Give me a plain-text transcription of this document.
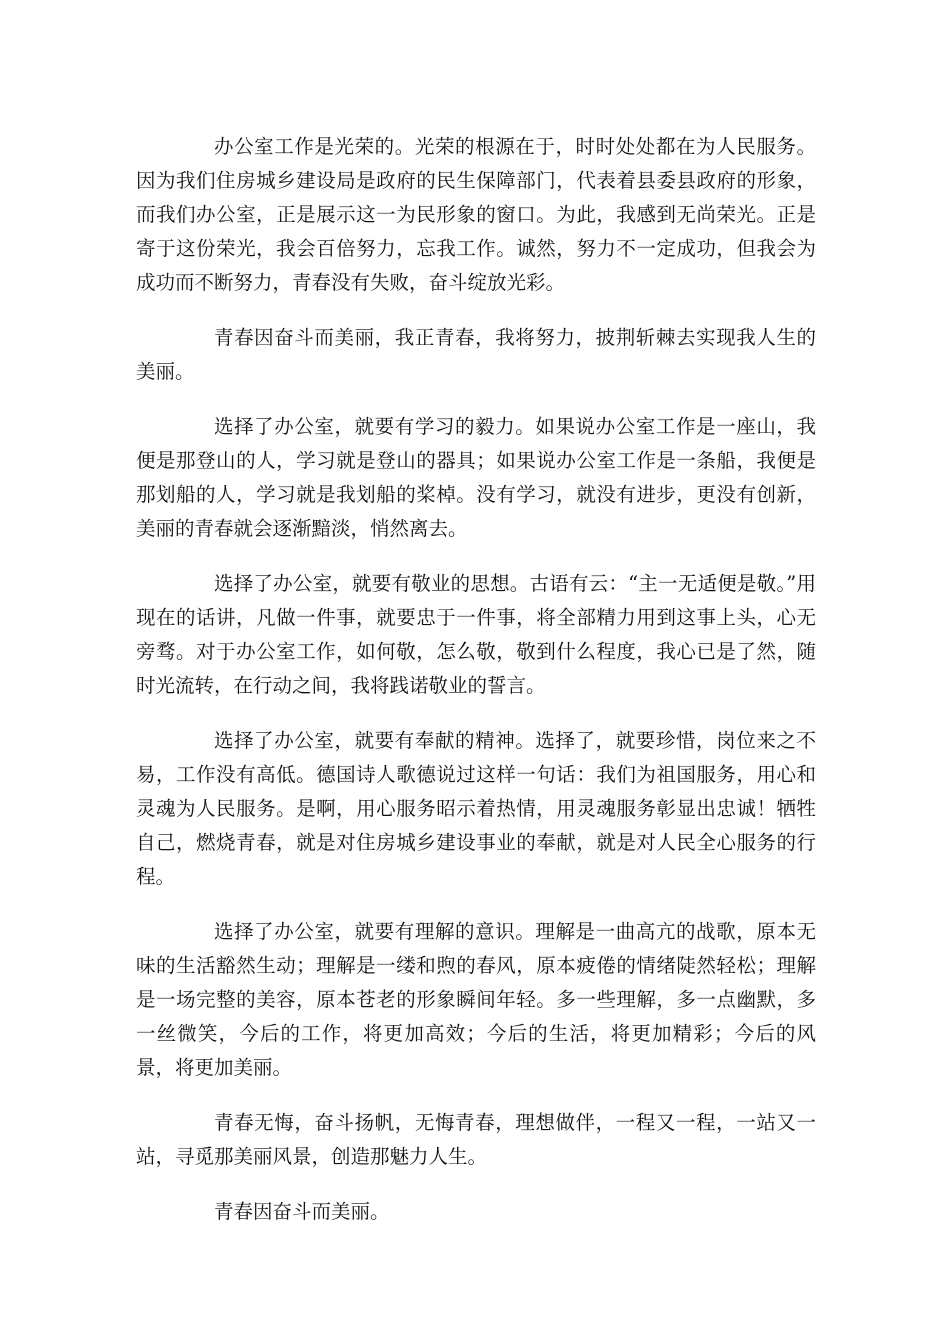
办公室工作是光荣的。光荣的根源在于，时时处处都在为人民服务。因为我们住房城乡建设局是政府的民生保障部门，代表着县委县政府的形象，而我们办公室，正是展示这一为民形象的窗口。为此，我感到无尚荣光。正是寄于这份荣光，我会百倍努力，忘我工作。诚然，努力不一定成功，但我会为成功而不断努力，青春没有失败，奋斗绽放光彩。

青春因奋斗而美丽，我正青春，我将努力，披荆斩棘去实现我人生的美丽。

选择了办公室，就要有学习的毅力。如果说办公室工作是一座山，我便是那登山的人，学习就是登山的器具；如果说办公室工作是一条船，我便是那划船的人，学习就是我划船的桨棹。没有学习，就没有进步，更没有创新，美丽的青春就会逐渐黯淡，悄然离去。

选择了办公室，就要有敬业的思想。古语有云：“主一无适便是敬。”用现在的话讲，凡做一件事，就要忠于一件事，将全部精力用到这事上头，心无旁骛。对于办公室工作，如何敬，怎么敬，敬到什么程度，我心已是了然，随时光流转，在行动之间，我将践诺敬业的誓言。

选择了办公室，就要有奉献的精神。选择了，就要珍惜，岗位来之不易，工作没有高低。德国诗人歌德说过这样一句话：我们为祖国服务，用心和灵魂为人民服务。是啊，用心服务昭示着热情，用灵魂服务彰显出忠诚！牺牲自己，燃烧青春，就是对住房城乡建设事业的奉献，就是对人民全心服务的行程。

选择了办公室，就要有理解的意识。理解是一曲高亢的战歌，原本无味的生活豁然生动；理解是一缕和煦的春风，原本疲倦的情绪陡然轻松；理解是一场完整的美容，原本苍老的形象瞬间年轻。多一些理解，多一点幽默，多一丝微笑，今后的工作，将更加高效；今后的生活，将更加精彩；今后的风景，将更加美丽。

青春无悔，奋斗扬帆，无悔青春，理想做伴，一程又一程，一站又一站，寻觅那美丽风景，创造那魅力人生。

青春因奋斗而美丽。
